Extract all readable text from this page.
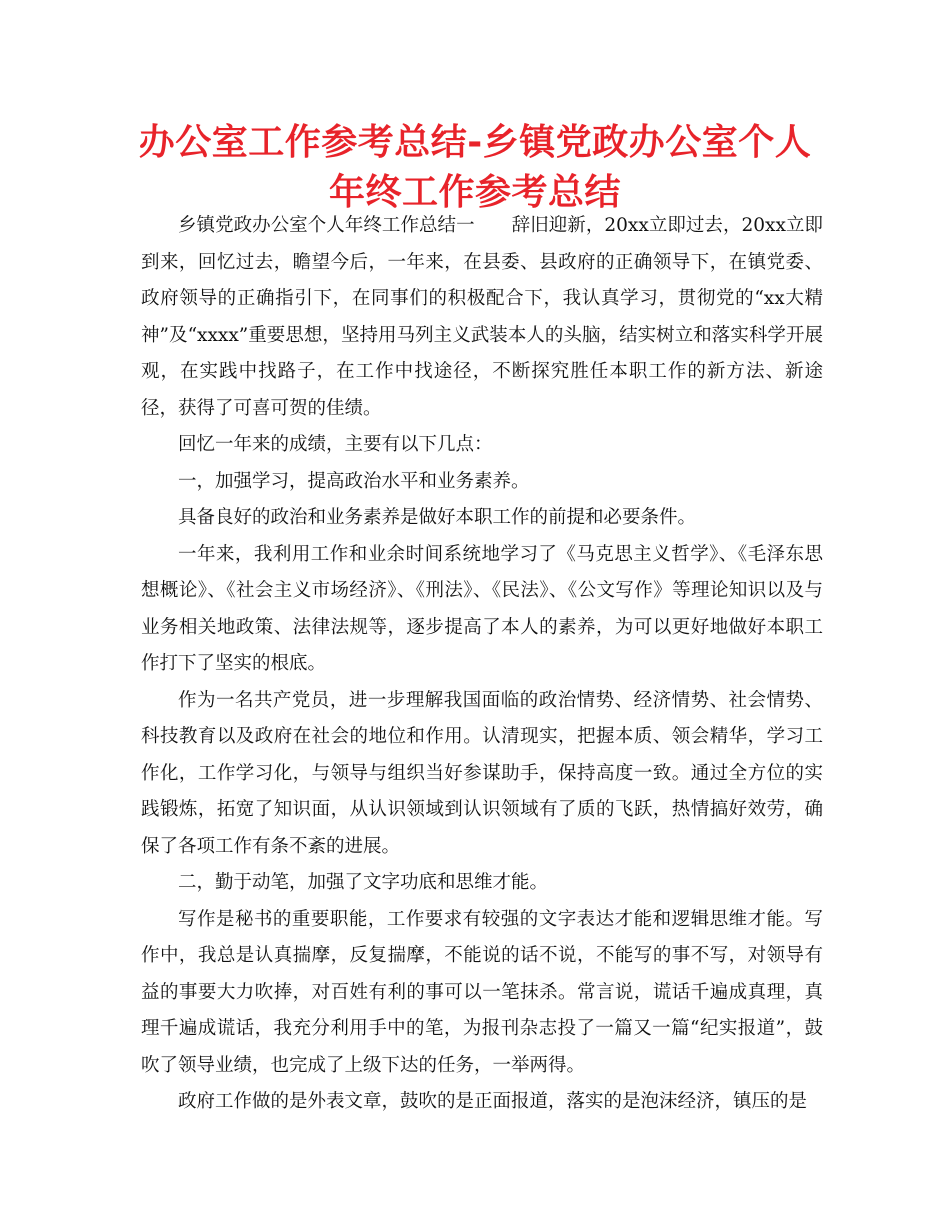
办公室工作参考总结-乡镇党政办公室个人年终工作参考总结

乡镇党政办公室个人年终工作总结一　　辞旧迎新，20xx立即过去，20xx立即到来，回忆过去，瞻望今后，一年来，在县委、县政府的正确领导下，在镇党委、政府领导的正确指引下，在同事们的积极配合下，我认真学习，贯彻党的“xx大精神”及“xxxx”重要思想，坚持用马列主义武装本人的头脑，结实树立和落实科学开展观，在实践中找路子，在工作中找途径，不断探究胜任本职工作的新方法、新途径，获得了可喜可贺的佳绩。

回忆一年来的成绩，主要有以下几点：

一，加强学习，提高政治水平和业务素养。

具备良好的政治和业务素养是做好本职工作的前提和必要条件。

一年来，我利用工作和业余时间系统地学习了《马克思主义哲学》、《毛泽东思想概论》、《社会主义市场经济》、《刑法》、《民法》、《公文写作》等理论知识以及与业务相关地政策、法律法规等，逐步提高了本人的素养，为可以更好地做好本职工作打下了坚实的根底。

作为一名共产党员，进一步理解我国面临的政治情势、经济情势、社会情势、科技教育以及政府在社会的地位和作用。认清现实，把握本质、领会精华，学习工作化，工作学习化，与领导与组织当好参谋助手，保持高度一致。通过全方位的实践锻炼，拓宽了知识面，从认识领域到认识领域有了质的飞跃，热情搞好效劳，确保了各项工作有条不紊的进展。

二，勤于动笔，加强了文字功底和思维才能。

写作是秘书的重要职能，工作要求有较强的文字表达才能和逻辑思维才能。写作中，我总是认真揣摩，反复揣摩，不能说的话不说，不能写的事不写，对领导有益的事要大力吹捧，对百姓有利的事可以一笔抹杀。常言说，谎话千遍成真理，真理千遍成谎话，我充分利用手中的笔，为报刊杂志投了一篇又一篇“纪实报道”，鼓吹了领导业绩，也完成了上级下达的任务，一举两得。

政府工作做的是外表文章，鼓吹的是正面报道，落实的是泡沫经济，镇压的是
